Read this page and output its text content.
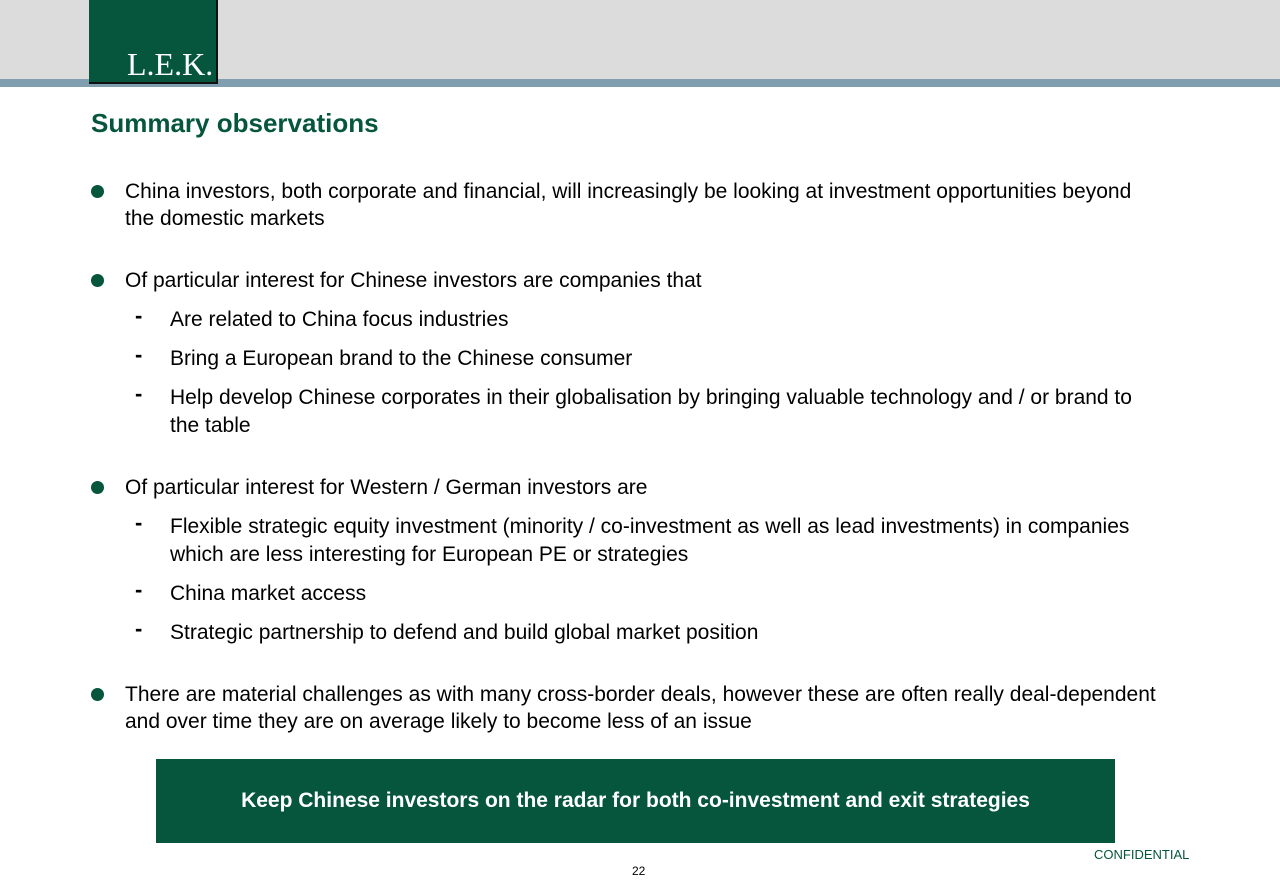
L.E.K.
Summary observations
China investors, both corporate and financial, will increasingly be looking at investment opportunities beyond the domestic markets
Of particular interest for Chinese investors are companies that
- Are related to China focus industries
- Bring a European brand to the Chinese consumer
- Help develop Chinese corporates in their globalisation by bringing valuable technology and / or brand to the table
Of particular interest for Western / German investors are
- Flexible strategic equity investment (minority / co-investment as well as lead investments) in companies which are less interesting for European PE or strategies
- China market access
- Strategic partnership to defend and build global market position
There are material challenges as with many cross-border deals, however these are often really deal-dependent and over time they are on average likely to become less of an issue
Keep Chinese investors on the radar for both co-investment and exit strategies
CONFIDENTIAL
22
